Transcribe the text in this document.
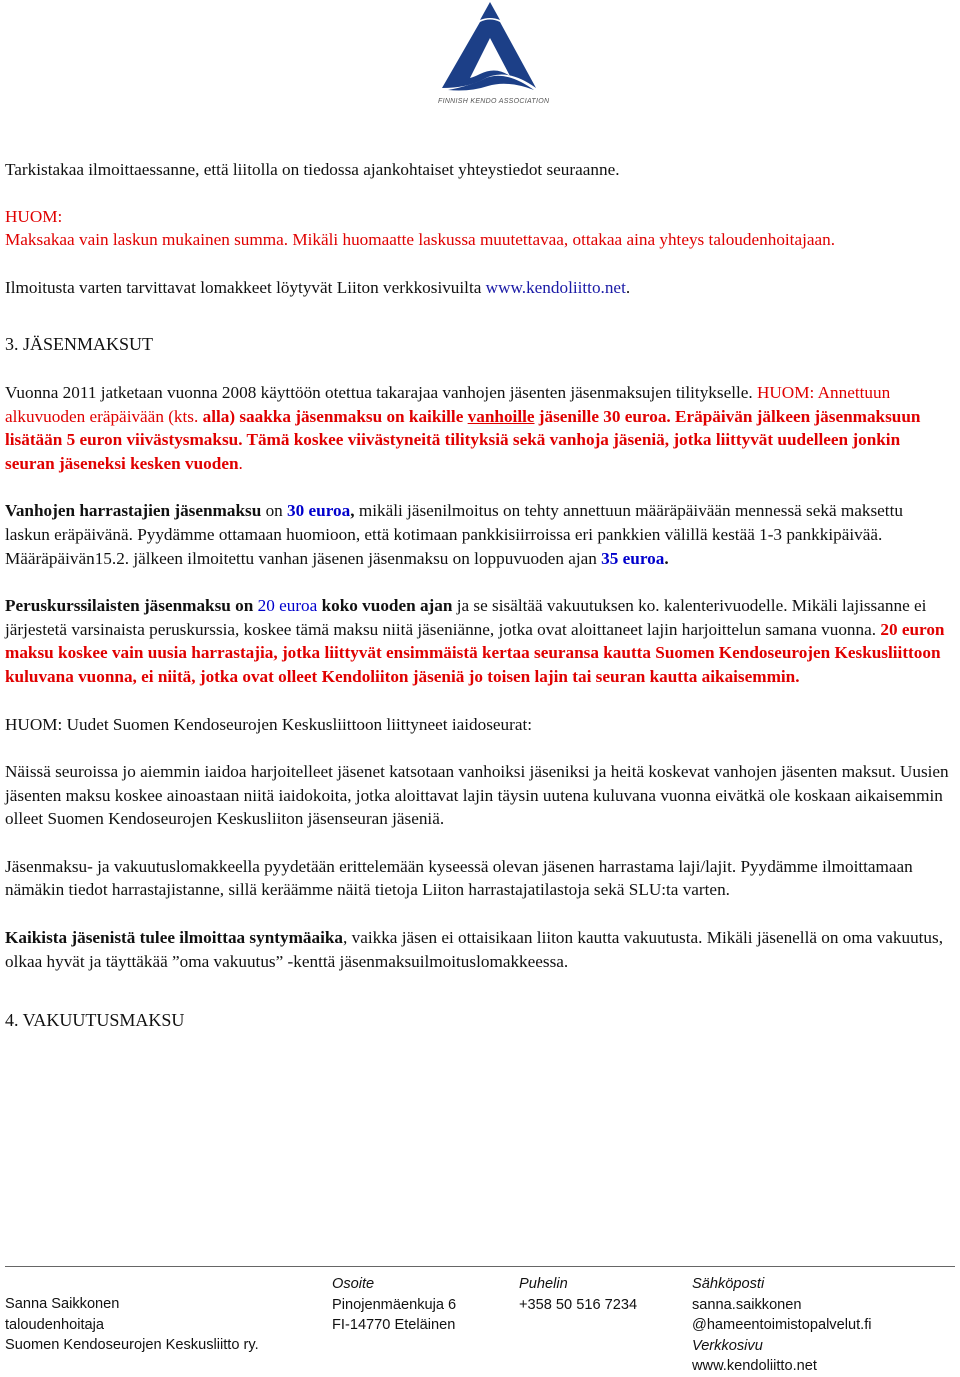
FINNISH KENDO ASSOCIATION

Tarkistakaa ilmoittaessanne, että liitolla on tiedossa ajankohtaiset yhteystiedot seuraanne.

HUOM:

Maksakaa vain laskun mukainen summa. Mikäli huomaatte laskussa muutettavaa, ottakaa aina yhteys taloudenhoitajaan.

Ilmoitusta varten tarvittavat lomakkeet löytyvät Liiton verkkosivuilta www.kendoliitto.net.

3. JÄSENMAKSUT

Vuonna 2011 jatketaan vuonna 2008 käyttöön otettua takarajaa vanhojen jäsenten jäsenmaksujen tilitykselle. HUOM: Annettuun alkuvuoden eräpäivään (kts. alla) saakka jäsenmaksu on kaikille vanhoille jäsenille 30 euroa. Eräpäivän jälkeen jäsenmaksuun lisätään 5 euron viivästysmaksu. Tämä koskee viivästyneitä tilityksiä sekä vanhoja jäseniä, jotka liittyvät uudelleen jonkin seuran jäseneksi kesken vuoden.

Vanhojen harrastajien jäsenmaksu on 30 euroa, mikäli jäsenilmoitus on tehty annettuun määräpäivään mennessä sekä maksettu laskun eräpäivänä. Pyydämme ottamaan huomioon, että kotimaan pankkisiirroissa eri pankkien välillä kestää 1-3 pankkipäivää. Määräpäivän15.2. jälkeen ilmoitettu vanhan jäsenen jäsenmaksu on loppuvuoden ajan 35 euroa.

Peruskurssilaisten jäsenmaksu on 20 euroa koko vuoden ajan ja se sisältää vakuutuksen ko. kalenterivuodelle. Mikäli lajissanne ei järjestetä varsinaista peruskurssia, koskee tämä maksu niitä jäseniänne, jotka ovat aloittaneet lajin harjoittelun samana vuonna. 20 euron maksu koskee vain uusia harrastajia, jotka liittyvät ensimmäistä kertaa seuransa kautta Suomen Kendoseurojen Keskusliittoon kuluvana vuonna, ei niitä, jotka ovat olleet Kendoliiton jäseniä jo toisen lajin tai seuran kautta aikaisemmin.

HUOM: Uudet Suomen Kendoseurojen Keskusliittoon liittyneet iaidoseurat:

Näissä seuroissa jo aiemmin iaidoa harjoitelleet jäsenet katsotaan vanhoiksi jäseniksi ja heitä koskevat vanhojen jäsenten maksut. Uusien jäsenten maksu koskee ainoastaan niitä iaidokoita, jotka aloittavat lajin täysin uutena kuluvana vuonna eivätkä ole koskaan aikaisemmin olleet Suomen Kendoseurojen Keskusliiton jäsenseuran jäseniä.

Jäsenmaksu- ja vakuutuslomakkeella pyydetään erittelemään kyseessä olevan jäsenen harrastama laji/lajit. Pyydämme ilmoittamaan nämäkin tiedot harrastajistanne, sillä keräämme näitä tietoja Liiton harrastajatilastoja sekä SLU:ta varten.

Kaikista jäsenistä tulee ilmoittaa syntymäaika, vaikka jäsen ei ottaisikaan liiton kautta vakuutusta. Mikäli jäsenellä on oma vakuutus, olkaa hyvät ja täyttäkää ”oma vakuutus” -kenttä jäsenmaksuilmoituslomakkeessa.

4. VAKUUTUSMAKSU

Sanna Saikkonen
taloudenhoitaja
Suomen Kendoseurojen Keskusliitto ry.
Osoite
Pinojenmäenkuja 6
FI-14770 Eteläinen
Puhelin
+358 50 516 7234
Sähköposti
sanna.saikkonen
@hameentoimistopalvelut.fi
Verkkosivu
www.kendoliitto.net
